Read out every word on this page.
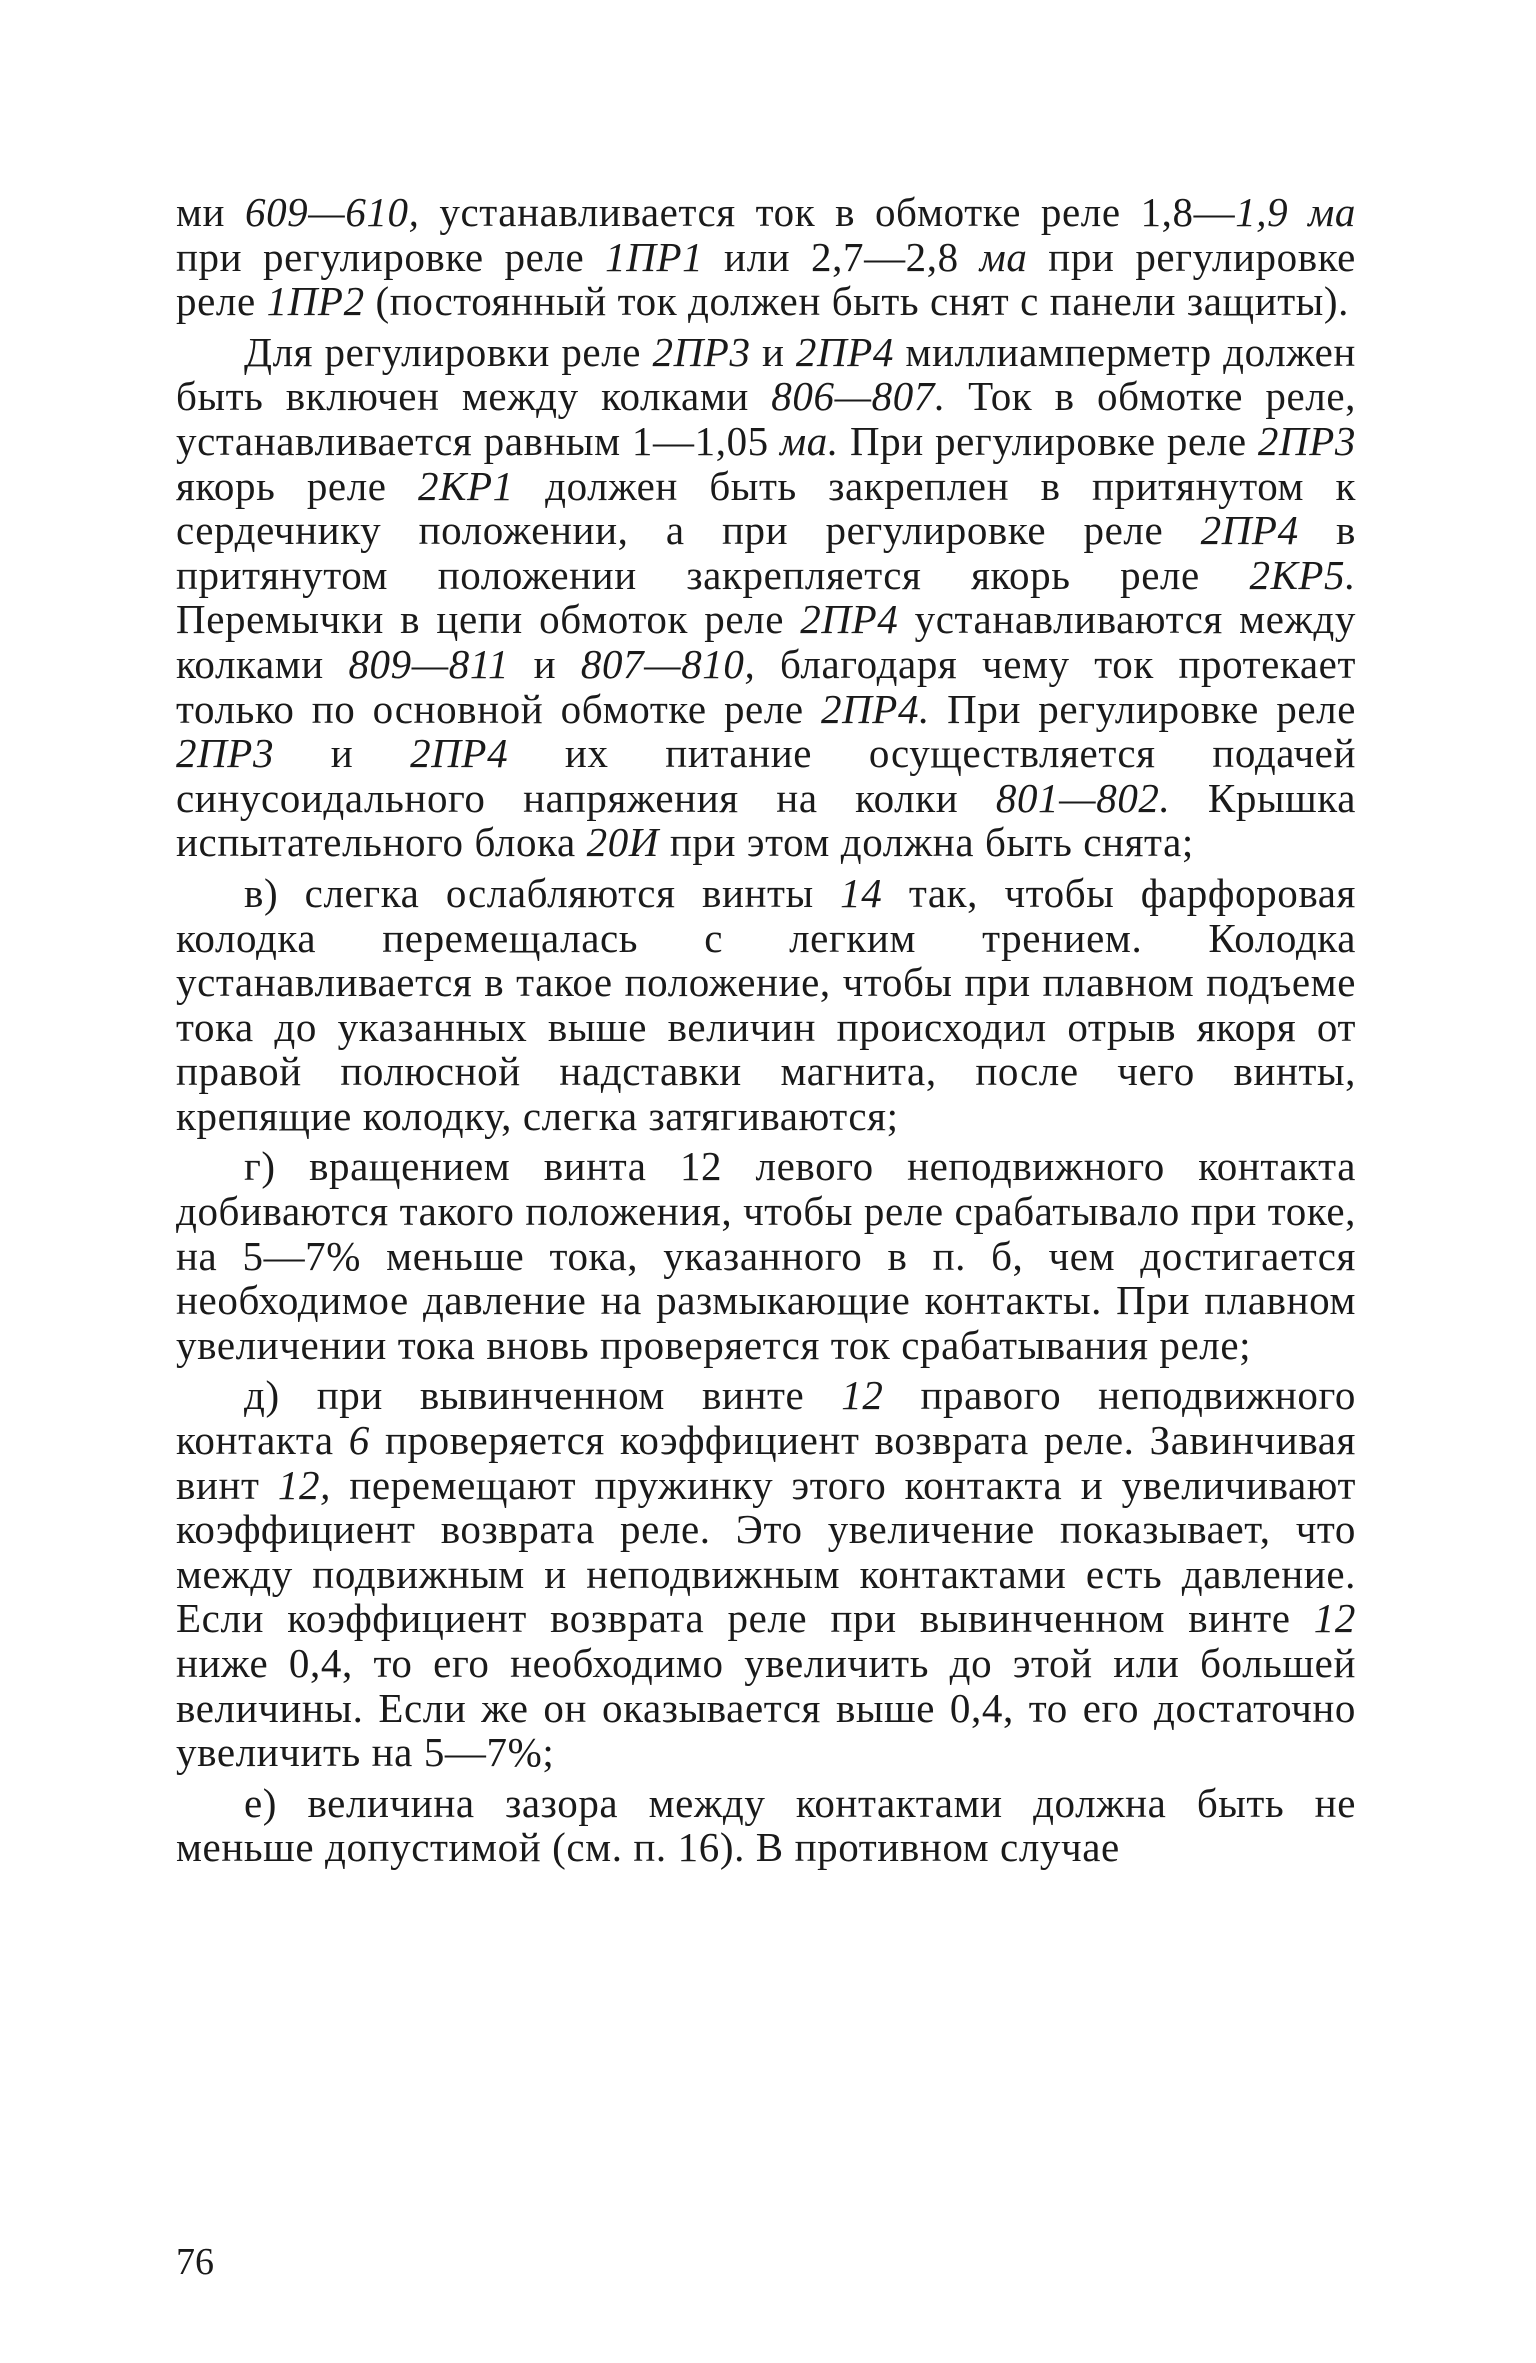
ми 609—610, устанавливается ток в обмотке реле 1,8—1,9 ма при регулировке реле 1ПР1 или 2,7—2,8 ма при регулировке реле 1ПР2 (постоянный ток должен быть снят с панели защиты).

Для регулировки реле 2ПР3 и 2ПР4 миллиамперметр должен быть включен между колками 806—807. Ток в обмотке реле, устанавливается равным 1—1,05 ма. При регулировке реле 2ПР3 якорь реле 2КР1 должен быть закреплен в притянутом к сердечнику положении, а при регулировке реле 2ПР4 в притянутом положении закрепляется якорь реле 2КР5. Перемычки в цепи обмоток реле 2ПР4 устанавливаются между колками 809—811 и 807—810, благодаря чему ток протекает только по основной обмотке реле 2ПР4. При регулировке реле 2ПР3 и 2ПР4 их питание осуществляется подачей синусоидального напряжения на колки 801—802. Крышка испытательного блока 20И при этом должна быть снята;

в) слегка ослабляются винты 14 так, чтобы фарфоровая колодка перемещалась с легким трением. Колодка устанавливается в такое положение, чтобы при плавном подъеме тока до указанных выше величин происходил отрыв якоря от правой полюсной надставки магнита, после чего винты, крепящие колодку, слегка затягиваются;

г) вращением винта 12 левого неподвижного контакта добиваются такого положения, чтобы реле срабатывало при токе, на 5—7% меньше тока, указанного в п. б, чем достигается необходимое давление на размыкающие контакты. При плавном увеличении тока вновь проверяется ток срабатывания реле;

д) при вывинченном винте 12 правого неподвижного контакта 6 проверяется коэффициент возврата реле. Завинчивая винт 12, перемещают пружинку этого контакта и увеличивают коэффициент возврата реле. Это увеличение показывает, что между подвижным и неподвижным контактами есть давление. Если коэффициент возврата реле при вывинченном винте 12 ниже 0,4, то его необходимо увеличить до этой или большей величины. Если же он оказывается выше 0,4, то его достаточно увеличить на 5—7%;

е) величина зазора между контактами должна быть не меньше допустимой (см. п. 16). В противном случае

76
